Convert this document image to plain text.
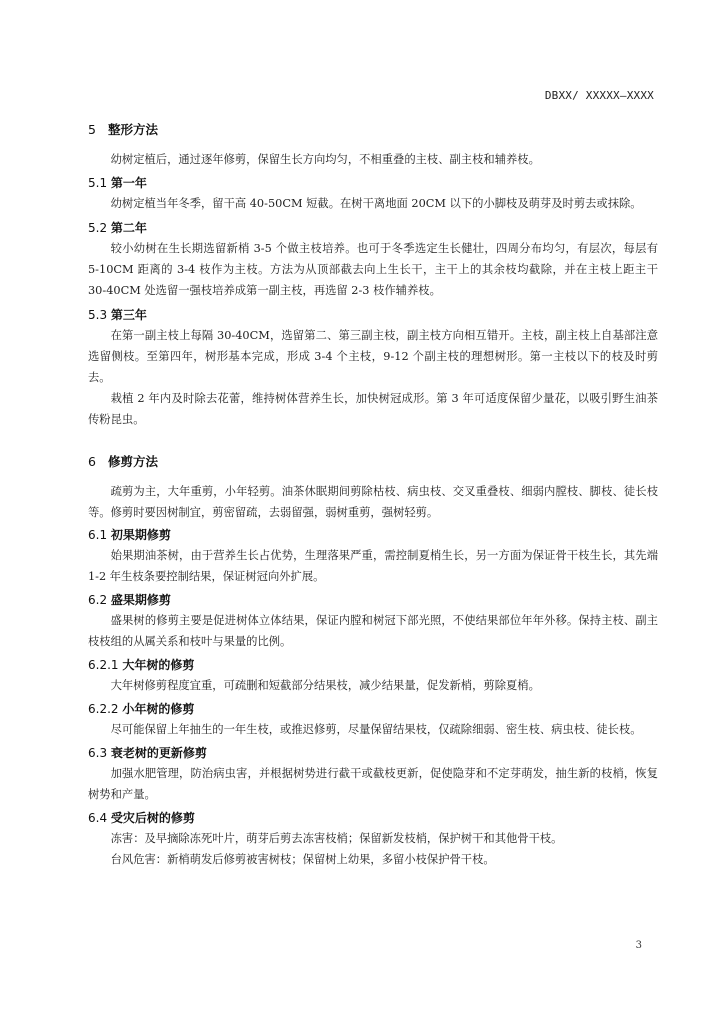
DBXX/ XXXXX—XXXX
5 整形方法

幼树定植后，通过逐年修剪，保留生长方向均匀，不相重叠的主枝、副主枝和辅养枝。

5.1 第一年

幼树定植当年冬季，留干高 40-50CM 短截。在树干离地面 20CM 以下的小脚枝及萌芽及时剪去或抹除。

5.2 第二年

较小幼树在生长期选留新梢 3-5 个做主枝培养。也可于冬季选定生长健壮，四周分布均匀，有层次，每层有 5-10CM 距离的 3-4 枝作为主枝。方法为从顶部截去向上生长干，主干上的其余枝均截除，并在主枝上距主干 30-40CM 处选留一强枝培养成第一副主枝，再选留 2-3 枝作辅养枝。

5.3 第三年

在第一副主枝上每隔 30-40CM，选留第二、第三副主枝，副主枝方向相互错开。主枝，副主枝上自基部注意选留侧枝。至第四年，树形基本完成，形成 3-4 个主枝，9-12 个副主枝的理想树形。第一主枝以下的枝及时剪去。

栽植 2 年内及时除去花蕾，维持树体营养生长，加快树冠成形。第 3 年可适度保留少量花，以吸引野生油茶传粉昆虫。

6 修剪方法

疏剪为主，大年重剪，小年轻剪。油茶休眠期间剪除枯枝、病虫枝、交叉重叠枝、细弱内膛枝、脚枝、徒长枝等。修剪时要因树制宜，剪密留疏，去弱留强，弱树重剪，强树轻剪。

6.1 初果期修剪

始果期油茶树，由于营养生长占优势，生理落果严重，需控制夏梢生长，另一方面为保证骨干枝生长，其先端 1-2 年生枝条要控制结果，保证树冠向外扩展。

6.2 盛果期修剪

盛果树的修剪主要是促进树体立体结果，保证内膛和树冠下部光照，不使结果部位年年外移。保持主枝、副主枝枝组的从属关系和枝叶与果量的比例。

6.2.1 大年树的修剪

大年树修剪程度宜重，可疏删和短截部分结果枝，减少结果量，促发新梢，剪除夏梢。

6.2.2 小年树的修剪

尽可能保留上年抽生的一年生枝，或推迟修剪，尽量保留结果枝，仅疏除细弱、密生枝、病虫枝、徒长枝。

6.3 衰老树的更新修剪

加强水肥管理，防治病虫害，并根据树势进行截干或截枝更新，促使隐芽和不定芽萌发，抽生新的枝梢，恢复树势和产量。

6.4 受灾后树的修剪

冻害：及早摘除冻死叶片，萌芽后剪去冻害枝梢；保留新发枝梢，保护树干和其他骨干枝。

台风危害：新梢萌发后修剪被害树枝；保留树上幼果，多留小枝保护骨干枝。

3
